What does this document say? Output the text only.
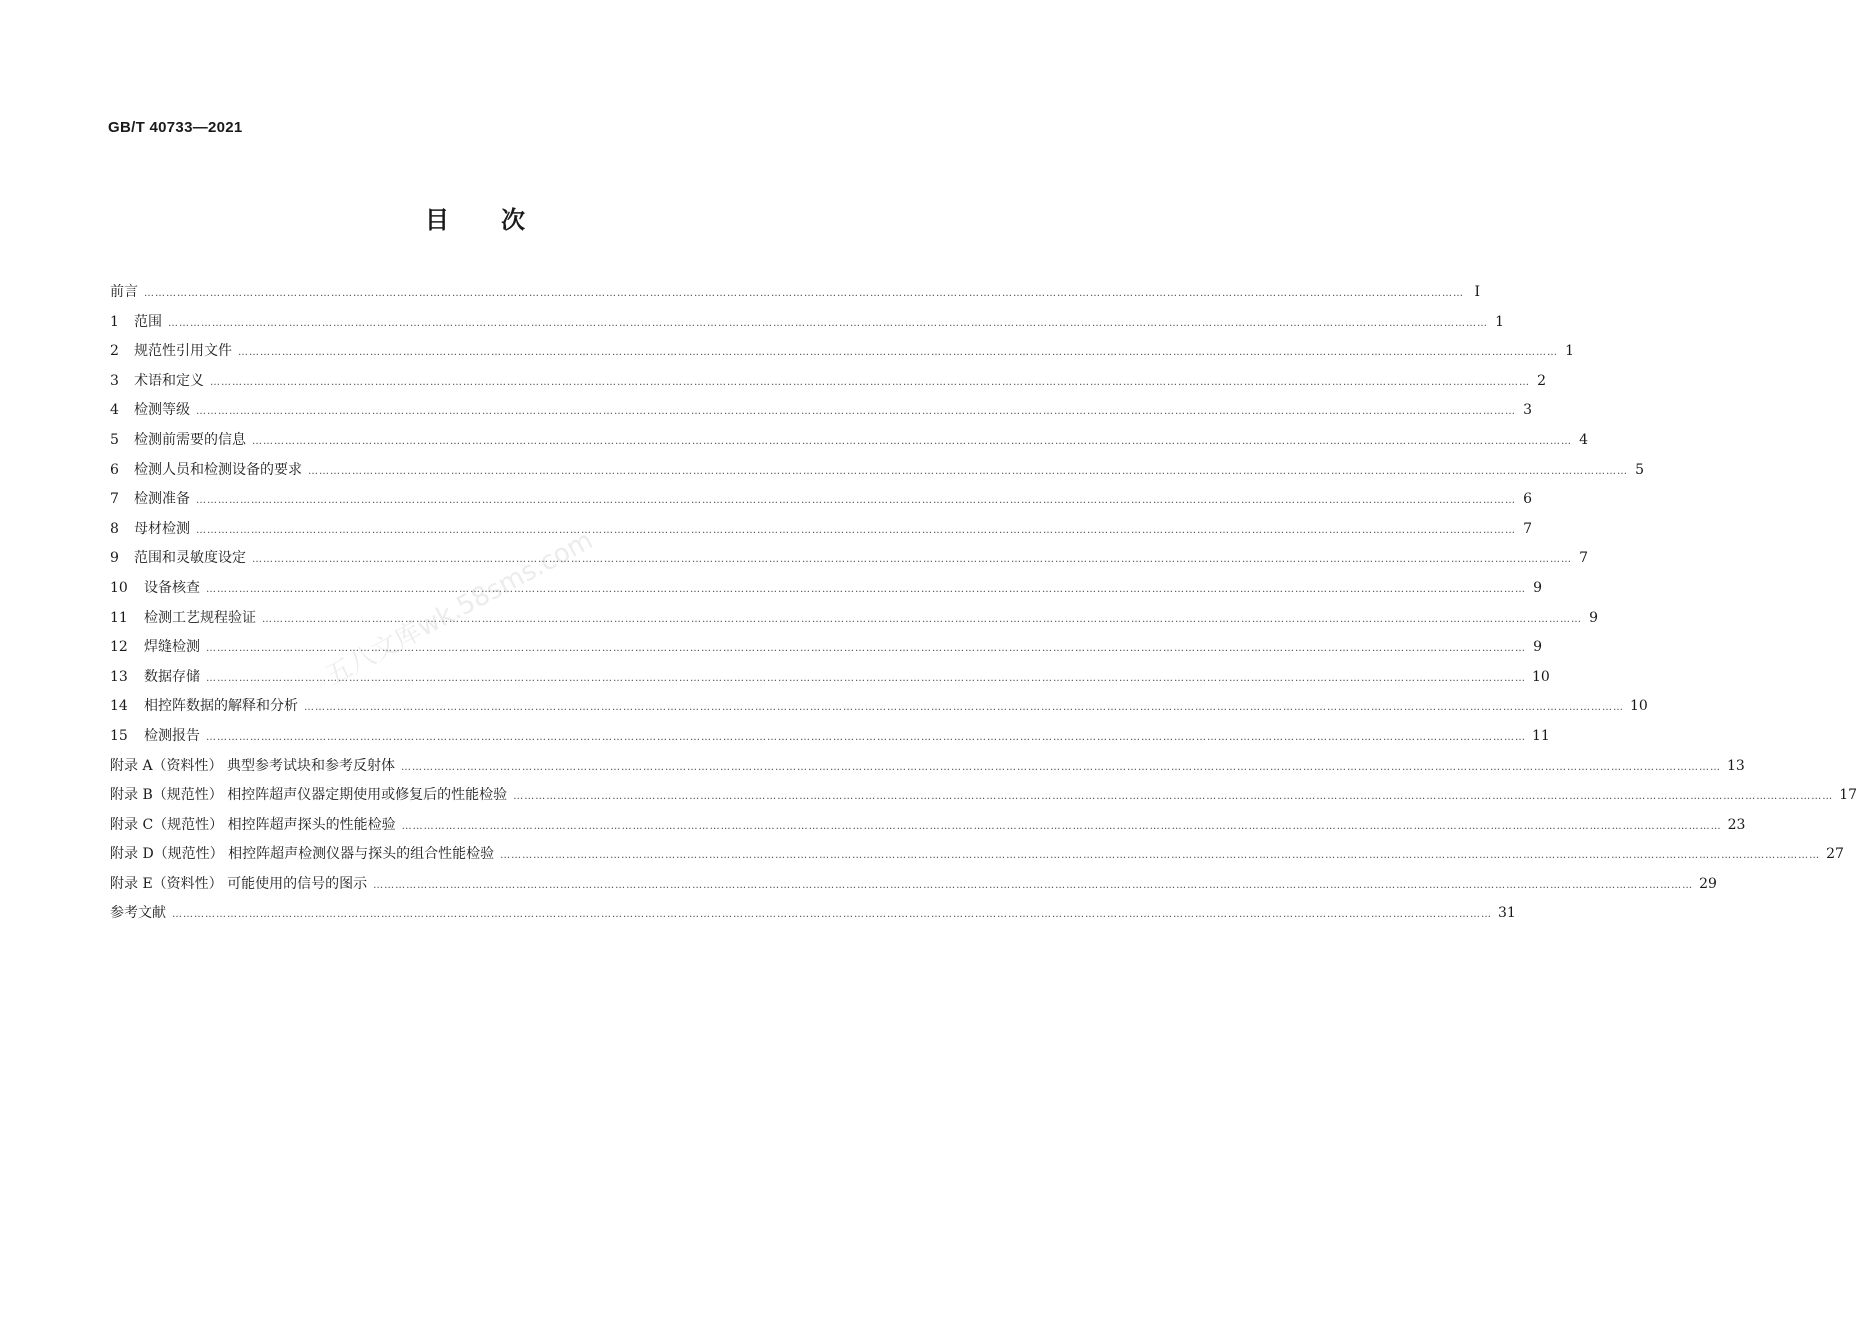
GB/T 40733—2021
目次
前言 ……………………………………………………………………………………………………………………………………………………………………………………………………………………………………………………………………………………………………………………………… Ⅰ
1 范围 ……………………………………………………………………………………………………………………………………………………………………………………………………………………………………………………………………………………………………………………………… 1
2 规范性引用文件 ……………………………………………………………………………………………………………………………………………………………………………………………………………………………………………………………………………………………………………………………… 1
3 术语和定义 ……………………………………………………………………………………………………………………………………………………………………………………………………………………………………………………………………………………………………………………………… 2
4 检测等级 ……………………………………………………………………………………………………………………………………………………………………………………………………………………………………………………………………………………………………………………………… 3
5 检测前需要的信息 ……………………………………………………………………………………………………………………………………………………………………………………………………………………………………………………………………………………………………………………………… 4
6 检测人员和检测设备的要求 ……………………………………………………………………………………………………………………………………………………………………………………………………………………………………………………………………………………………………………………………… 5
7 检测准备 ……………………………………………………………………………………………………………………………………………………………………………………………………………………………………………………………………………………………………………………………… 6
8 母材检测 ……………………………………………………………………………………………………………………………………………………………………………………………………………………………………………………………………………………………………………………………… 7
9 范围和灵敏度设定 ……………………………………………………………………………………………………………………………………………………………………………………………………………………………………………………………………………………………………………………………… 7
10 设备核查 ……………………………………………………………………………………………………………………………………………………………………………………………………………………………………………………………………………………………………………………………… 9
11 检测工艺规程验证 ……………………………………………………………………………………………………………………………………………………………………………………………………………………………………………………………………………………………………………………………… 9
12 焊缝检测 ……………………………………………………………………………………………………………………………………………………………………………………………………………………………………………………………………………………………………………………………… 9
13 数据存储 ……………………………………………………………………………………………………………………………………………………………………………………………………………………………………………………………………………………………………………………………… 10
14 相控阵数据的解释和分析 ……………………………………………………………………………………………………………………………………………………………………………………………………………………………………………………………………………………………………………………………… 10
15 检测报告 ……………………………………………………………………………………………………………………………………………………………………………………………………………………………………………………………………………………………………………………………… 11
附录 A（资料性） 典型参考试块和参考反射体 ……………………………………………………………………………………………………………………………………………………………………………………………………………………………………………………………………………………………………………………………… 13
附录 B（规范性） 相控阵超声仪器定期使用或修复后的性能检验 ……………………………………………………………………………………………………………………………………………………………………………………………………………………………………………………………………………………………………………………………… 17
附录 C（规范性） 相控阵超声探头的性能检验 ……………………………………………………………………………………………………………………………………………………………………………………………………………………………………………………………………………………………………………………………… 23
附录 D（规范性） 相控阵超声检测仪器与探头的组合性能检验 ……………………………………………………………………………………………………………………………………………………………………………………………………………………………………………………………………………………………………………………………… 27
附录 E（资料性） 可能使用的信号的图示 ……………………………………………………………………………………………………………………………………………………………………………………………………………………………………………………………………………………………………………………………… 29
参考文献 ……………………………………………………………………………………………………………………………………………………………………………………………………………………………………………………………………………………………………………………………… 31
五八文库wk.58sms.com
